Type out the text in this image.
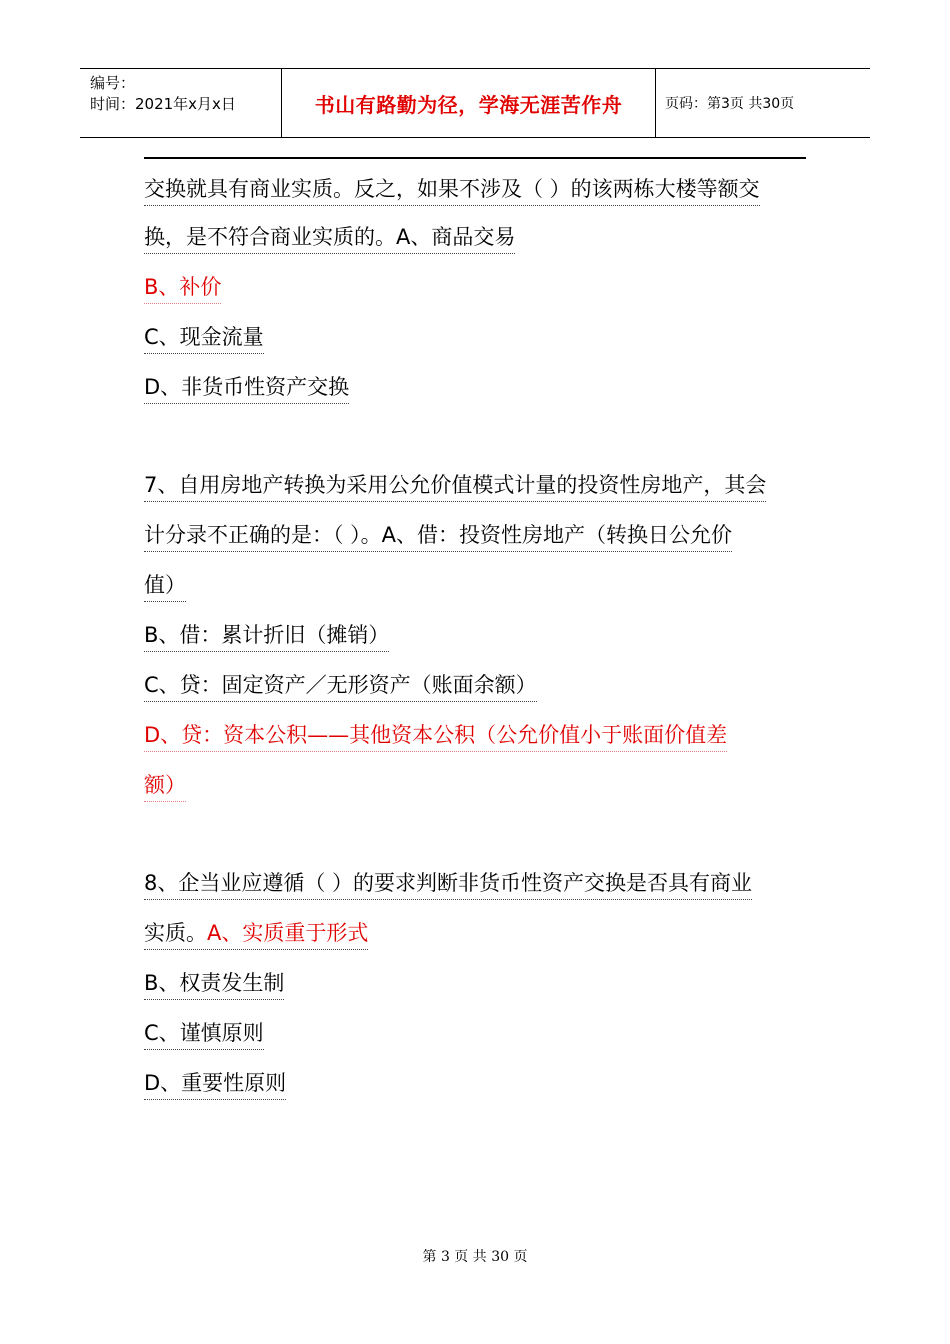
编号：
时间：2021年x月x日	书山有路勤为径，学海无涯苦作舟	页码：第3页 共30页
交换就具有商业实质。反之，如果不涉及（ ）的该两栋大楼等额交
换，是不符合商业实质的。A、商品交易
B、补价
C、现金流量
D、非货币性资产交换
7、自用房地产转换为采用公允价值模式计量的投资性房地产，其会
计分录不正确的是：（ ）。A、借：投资性房地产（转换日公允价
值）
B、借：累计折旧（摊销）
C、贷：固定资产／无形资产（账面余额）
D、贷：资本公积——其他资本公积（公允价值小于账面价值差
额）
8、企当业应遵循（ ）的要求判断非货币性资产交换是否具有商业
实质。A、实质重于形式
B、权责发生制
C、谨慎原则
D、重要性原则
第 3 页 共 30 页
